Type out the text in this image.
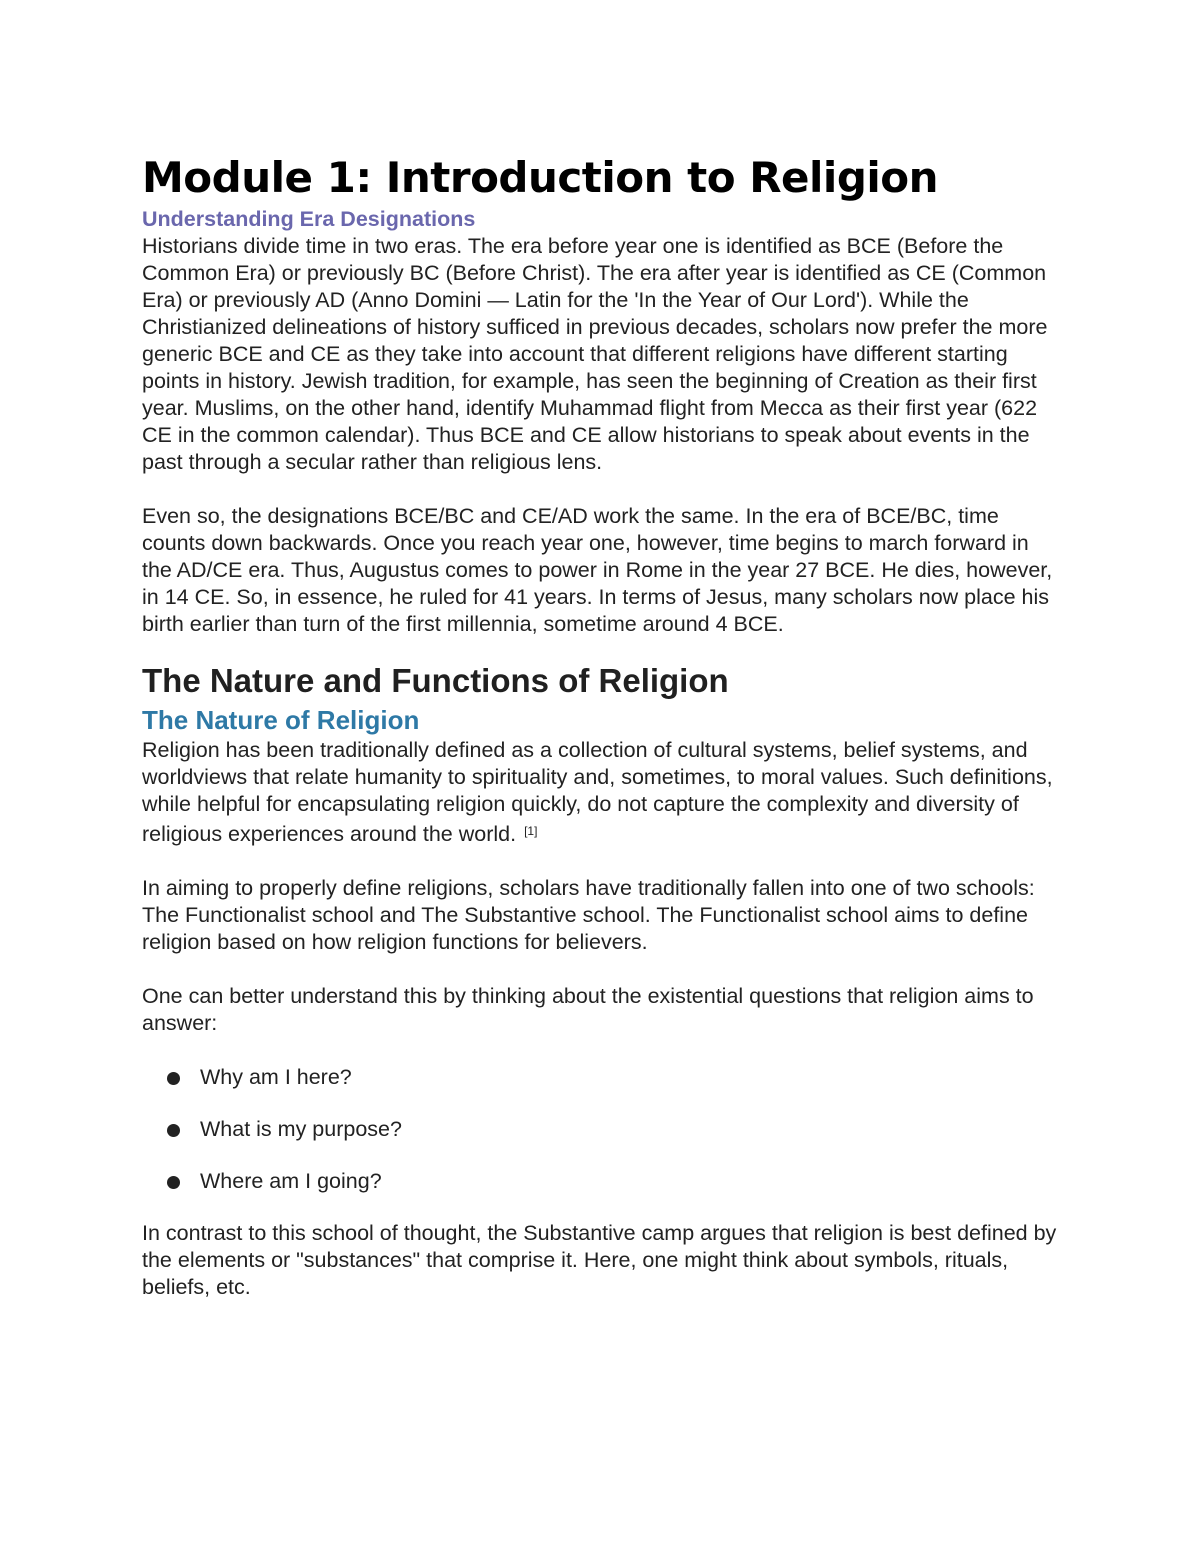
Module 1: Introduction to Religion
Understanding Era Designations

Historians divide time in two eras. The era before year one is identified as BCE (Before the Common Era) or previously BC (Before Christ). The era after year is identified as CE (Common Era) or previously AD (Anno Domini — Latin for the 'In the Year of Our Lord'). While the Christianized delineations of history sufficed in previous decades, scholars now prefer the more generic BCE and CE as they take into account that different religions have different starting points in history. Jewish tradition, for example, has seen the beginning of Creation as their first year. Muslims, on the other hand, identify Muhammad flight from Mecca as their first year (622 CE in the common calendar). Thus BCE and CE allow historians to speak about events in the past through a secular rather than religious lens.

Even so, the designations BCE/BC and CE/AD work the same. In the era of BCE/BC, time counts down backwards. Once you reach year one, however, time begins to march forward in the AD/CE era. Thus, Augustus comes to power in Rome in the year 27 BCE. He dies, however, in 14 CE. So, in essence, he ruled for 41 years. In terms of Jesus, many scholars now place his birth earlier than turn of the first millennia, sometime around 4 BCE.

The Nature and Functions of Religion
The Nature of Religion

Religion has been traditionally defined as a collection of cultural systems, belief systems, and worldviews that relate humanity to spirituality and, sometimes, to moral values. Such definitions, while helpful for encapsulating religion quickly, do not capture the complexity and diversity of religious experiences around the world. [1]

In aiming to properly define religions, scholars have traditionally fallen into one of two schools: The Functionalist school and The Substantive school. The Functionalist school aims to define religion based on how religion functions for believers.

One can better understand this by thinking about the existential questions that religion aims to answer:

Why am I here?
What is my purpose?
Where am I going?

In contrast to this school of thought, the Substantive camp argues that religion is best defined by the elements or "substances" that comprise it. Here, one might think about symbols, rituals, beliefs, etc.
